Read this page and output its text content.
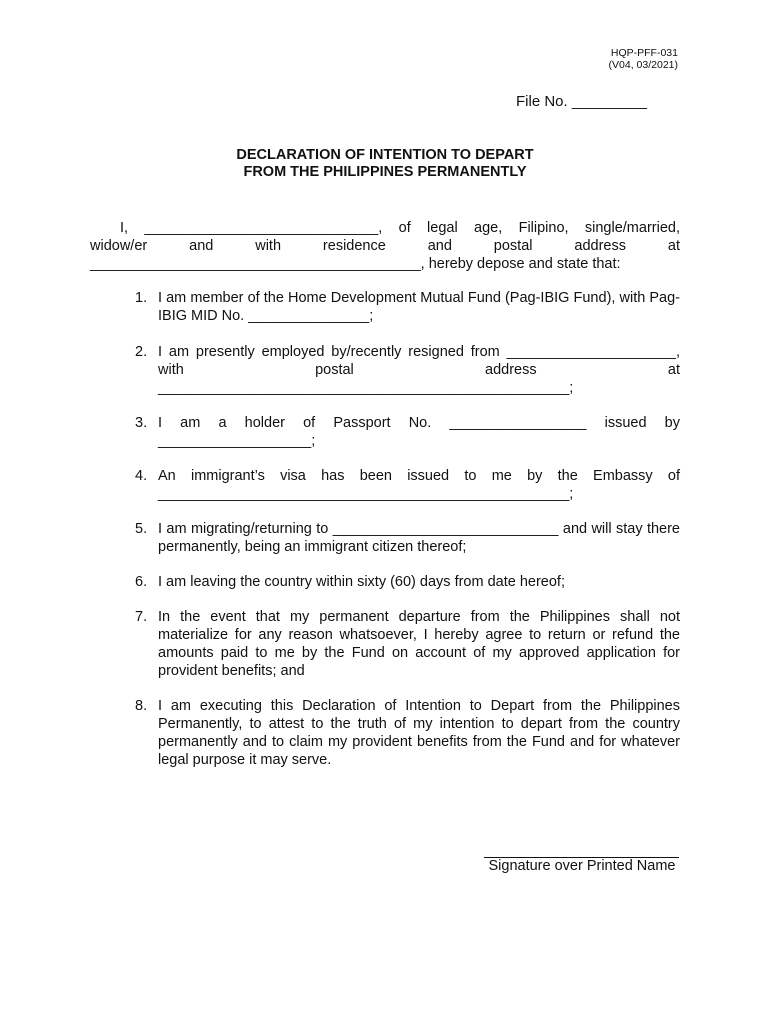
HQP-PFF-031
(V04, 03/2021)
File No. _________
DECLARATION OF INTENTION TO DEPART
FROM THE PHILIPPINES PERMANENTLY
I, _____________________________, of legal age, Filipino, single/married,
widow/er and with residence and postal address at
_________________________________________, hereby depose and state that:
1. I am member of the Home Development Mutual Fund (Pag-IBIG Fund), with Pag-IBIG MID No. _______________;
2. I am presently employed by/recently resigned from _____________________, with postal address at ___________________________________________________;
3. I am a holder of Passport No. _________________ issued by ___________________;
4. An immigrant’s visa has been issued to me by the Embassy of ___________________________________________________;
5. I am migrating/returning to ____________________________ and will stay there permanently, being an immigrant citizen thereof;
6. I am leaving the country within sixty (60) days from date hereof;
7. In the event that my permanent departure from the Philippines shall not materialize for any reason whatsoever, I hereby agree to return or refund the amounts paid to me by the Fund on account of my approved application for provident benefits; and
8. I am executing this Declaration of Intention to Depart from the Philippines Permanently, to attest to the truth of my intention to depart from the country permanently and to claim my provident benefits from the Fund and for whatever legal purpose it may serve.
Signature over Printed Name
